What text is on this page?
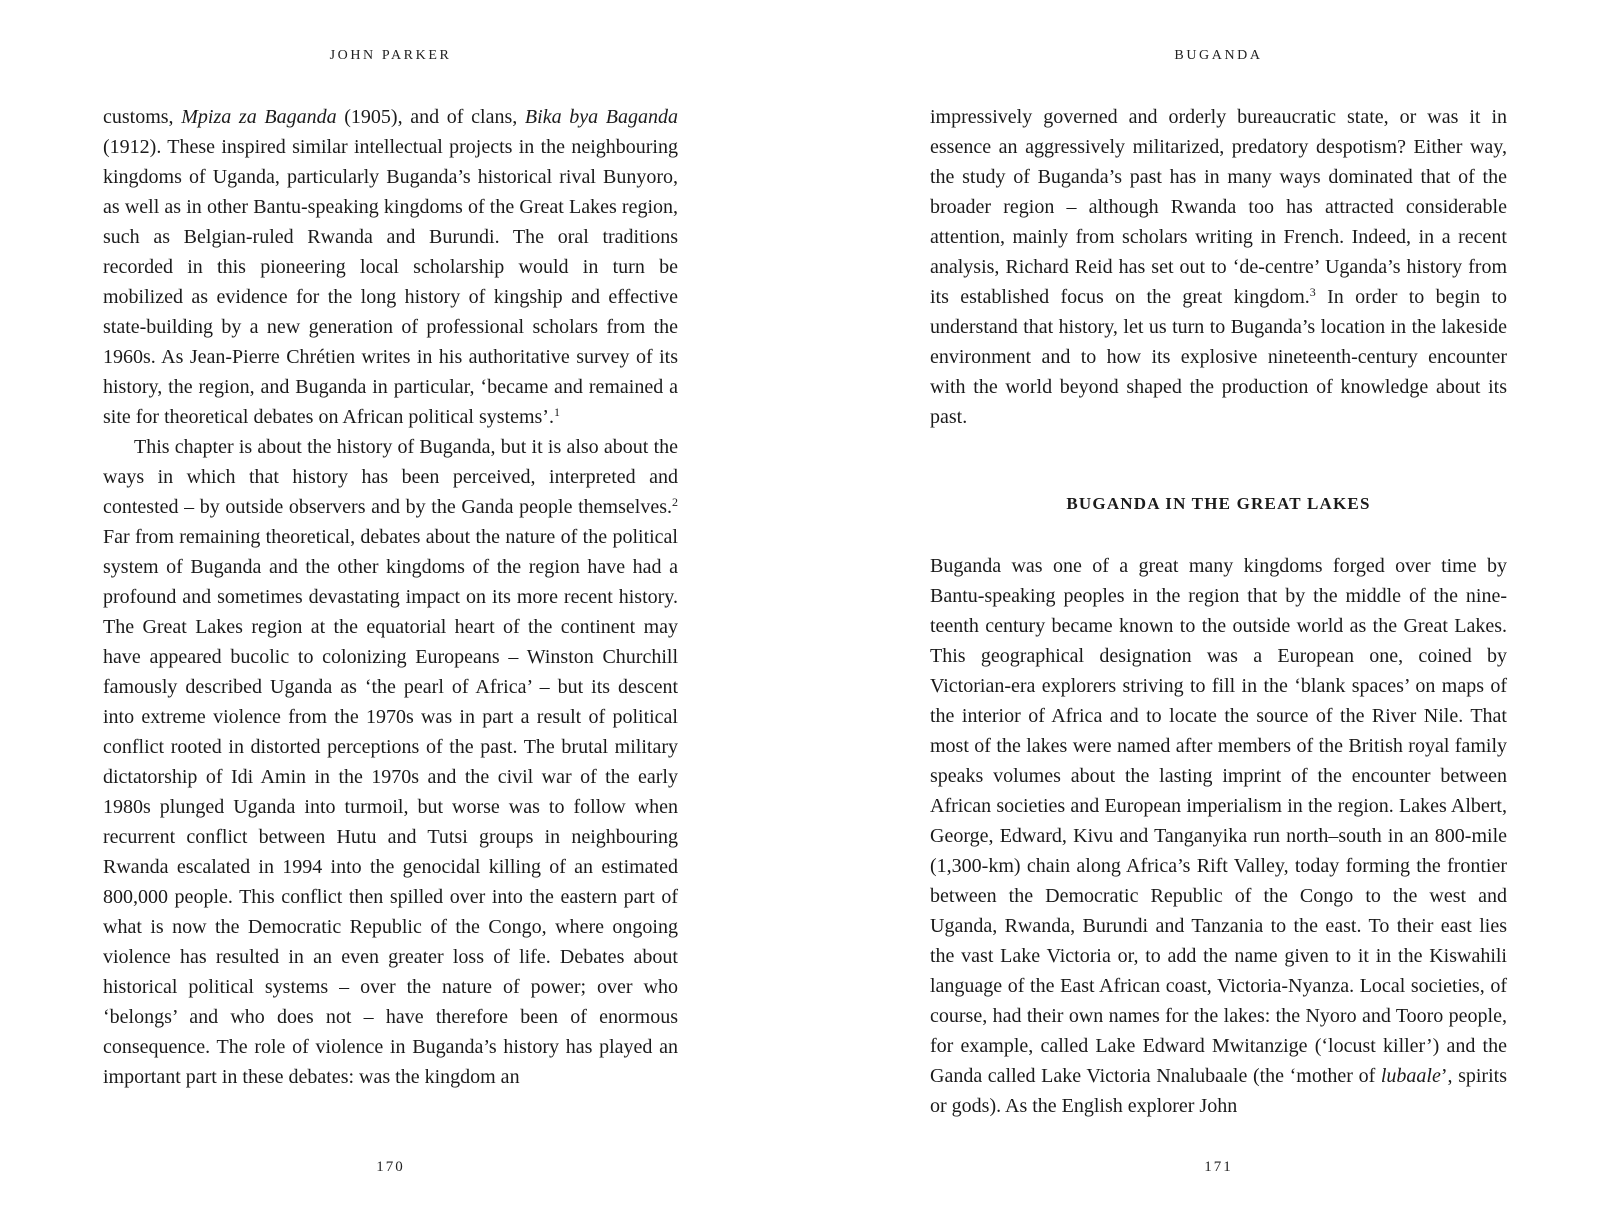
JOHN PARKER

customs, Mpiza za Baganda (1905), and of clans, Bika bya Baganda (1912). These inspired similar intellectual projects in the neighbouring kingdoms of Uganda, particularly Buganda’s historical rival Bunyoro, as well as in other Bantu-speaking kingdoms of the Great Lakes region, such as Belgian-ruled Rwanda and Burundi. The oral traditions recorded in this pioneering local scholarship would in turn be mobilized as evidence for the long history of kingship and effective state-building by a new generation of professional scholars from the 1960s. As Jean-Pierre Chrétien writes in his authoritative survey of its history, the region, and Buganda in particular, ‘became and remained a site for theoretical debates on African political systems’.$^1$

This chapter is about the history of Buganda, but it is also about the ways in which that history has been perceived, interpreted and contested – by outside observers and by the Ganda people themselves.$^2$ Far from remaining theoretical, debates about the nature of the political system of Buganda and the other kingdoms of the region have had a profound and sometimes devastating impact on its more recent history. The Great Lakes region at the equatorial heart of the continent may have appeared bucolic to colonizing Europeans – Winston Churchill famously described Uganda as ‘the pearl of Africa’ – but its descent into extreme violence from the 1970s was in part a result of political conflict rooted in distorted perceptions of the past. The brutal military dictatorship of Idi Amin in the 1970s and the civil war of the early 1980s plunged Uganda into turmoil, but worse was to follow when recurrent conflict between Hutu and Tutsi groups in neighbouring Rwanda escalated in 1994 into the genocidal killing of an estimated 800,000 people. This conflict then spilled over into the eastern part of what is now the Democratic Republic of the Congo, where ongoing violence has resulted in an even greater loss of life. Debates about historical political systems – over the nature of power; over who ‘belongs’ and who does not – have therefore been of enormous consequence. The role of violence in Buganda’s history has played an important part in these debates: was the kingdom an

170
BUGANDA

impressively governed and orderly bureaucratic state, or was it in essence an aggressively militarized, predatory despotism? Either way, the study of Buganda’s past has in many ways dominated that of the broader region – although Rwanda too has attracted considerable attention, mainly from scholars writing in French. Indeed, in a recent analysis, Richard Reid has set out to ‘de-centre’ Uganda’s history from its established focus on the great kingdom.$^3$ In order to begin to understand that history, let us turn to Buganda’s location in the lakeside environment and to how its explosive nineteenth-century encounter with the world beyond shaped the production of knowledge about its past.

BUGANDA IN THE GREAT LAKES

Buganda was one of a great many kingdoms forged over time by Bantu-speaking peoples in the region that by the middle of the nineteenth century became known to the outside world as the Great Lakes. This geographical designation was a European one, coined by Victorian-era explorers striving to fill in the ‘blank spaces’ on maps of the interior of Africa and to locate the source of the River Nile. That most of the lakes were named after members of the British royal family speaks volumes about the lasting imprint of the encounter between African societies and European imperialism in the region. Lakes Albert, George, Edward, Kivu and Tanganyika run north–south in an 800-mile (1,300-km) chain along Africa’s Rift Valley, today forming the frontier between the Democratic Republic of the Congo to the west and Uganda, Rwanda, Burundi and Tanzania to the east. To their east lies the vast Lake Victoria or, to add the name given to it in the Kiswahili language of the East African coast, Victoria-Nyanza. Local societies, of course, had their own names for the lakes: the Nyoro and Tooro people, for example, called Lake Edward Mwitanzige (‘locust killer’) and the Ganda called Lake Victoria Nnalubaale (the ‘mother of lubaale’, spirits or gods). As the English explorer John

171
